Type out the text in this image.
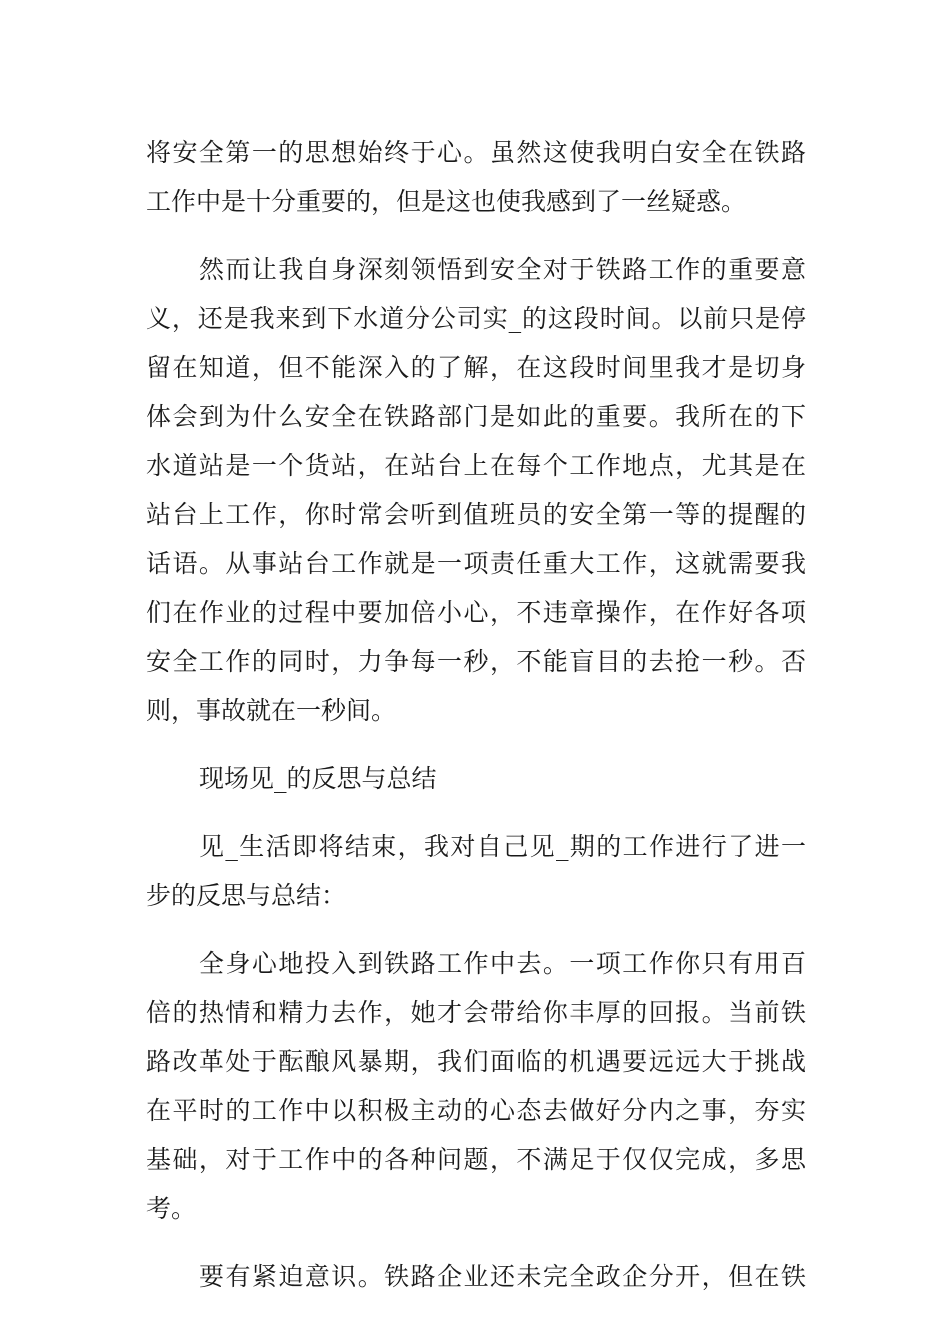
将安全第一的思想始终于心。虽然这使我明白安全在铁路
工作中是十分重要的，但是这也使我感到了一丝疑惑。
然而让我自身深刻领悟到安全对于铁路工作的重要意
义，还是我来到下水道分公司实_的这段时间。以前只是停
留在知道，但不能深入的了解，在这段时间里我才是切身
体会到为什么安全在铁路部门是如此的重要。我所在的下
水道站是一个货站，在站台上在每个工作地点，尤其是在
站台上工作，你时常会听到值班员的安全第一等的提醒的
话语。从事站台工作就是一项责任重大工作，这就需要我
们在作业的过程中要加倍小心，不违章操作，在作好各项
安全工作的同时，力争每一秒，不能盲目的去抢一秒。否
则，事故就在一秒间。
现场见_的反思与总结
见_生活即将结束，我对自己见_期的工作进行了进一
步的反思与总结：
全身心地投入到铁路工作中去。一项工作你只有用百
倍的热情和精力去作，她才会带给你丰厚的回报。当前铁
路改革处于酝酿风暴期，我们面临的机遇要远远大于挑战
在平时的工作中以积极主动的心态去做好分内之事，夯实
基础，对于工作中的各种问题，不满足于仅仅完成，多思
考。
要有紧迫意识。铁路企业还未完全政企分开，但在铁
